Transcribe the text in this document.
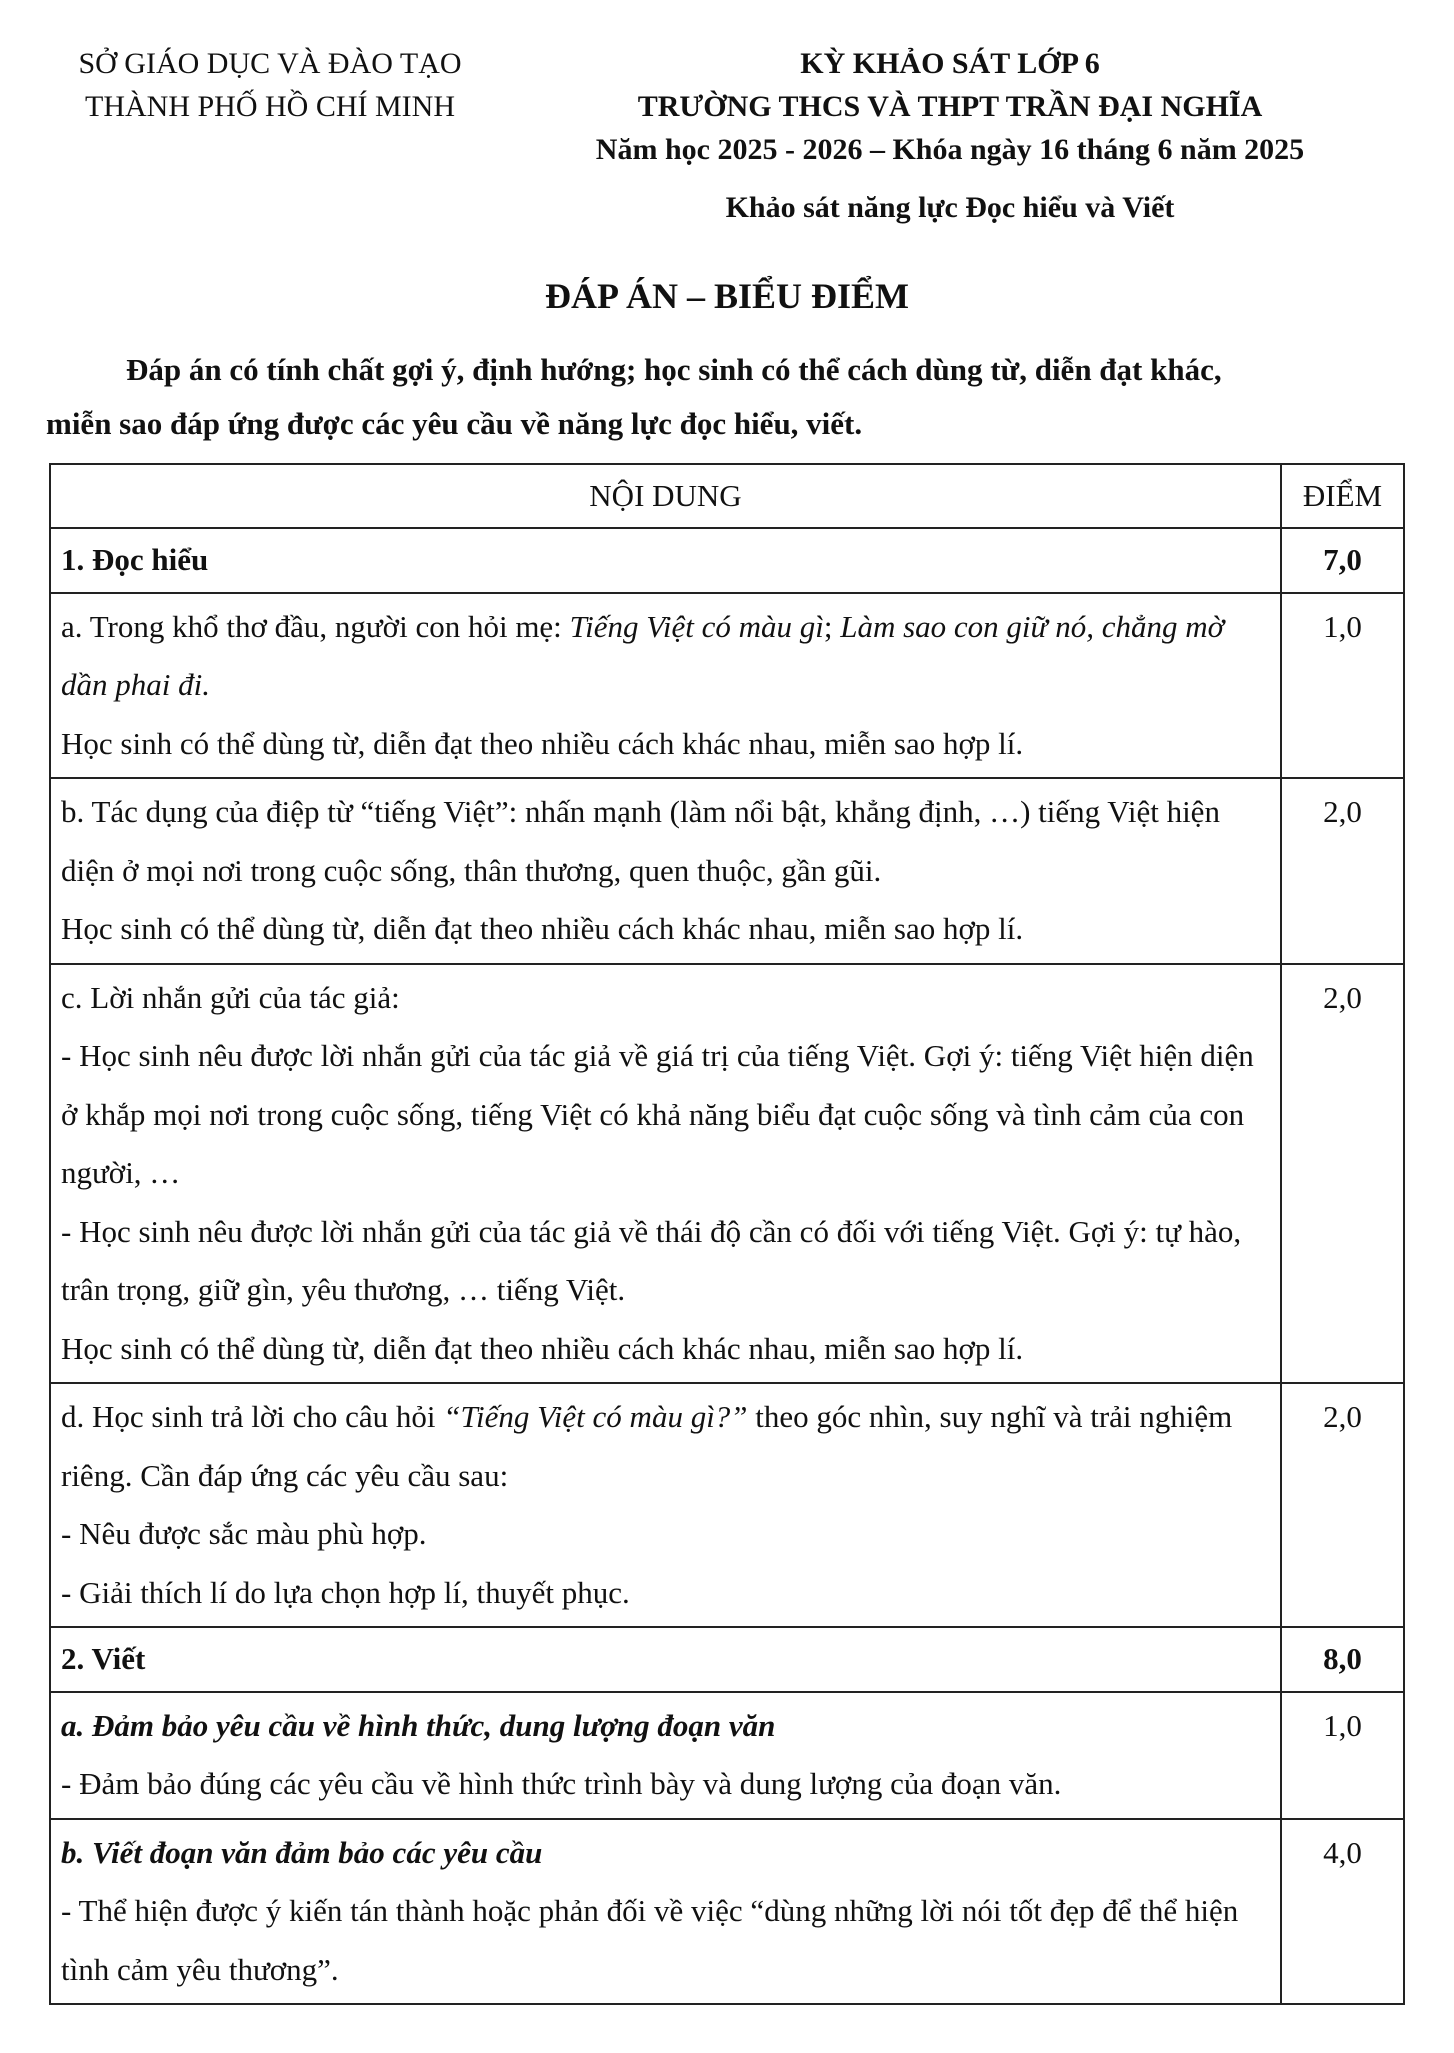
SỞ GIÁO DỤC VÀ ĐÀO TẠO
THÀNH PHỐ HỒ CHÍ MINH
KỲ KHẢO SÁT LỚP 6
TRƯỜNG THCS VÀ THPT TRẦN ĐẠI NGHĨA
Năm học 2025 - 2026 – Khóa ngày 16 tháng 6 năm 2025
Khảo sát năng lực Đọc hiểu và Viết
ĐÁP ÁN – BIỂU ĐIỂM
Đáp án có tính chất gợi ý, định hướng; học sinh có thể cách dùng từ, diễn đạt khác,
miễn sao đáp ứng được các yêu cầu về năng lực đọc hiểu, viết.
NỘI DUNG	ĐIỂM
1. Đọc hiểu	7,0
a. Trong khổ thơ đầu, người con hỏi mẹ: Tiếng Việt có màu gì; Làm sao con giữ nó, chẳng mờ dần phai đi.
Học sinh có thể dùng từ, diễn đạt theo nhiều cách khác nhau, miễn sao hợp lí.	1,0

b. Tác dụng của điệp từ “tiếng Việt”: nhấn mạnh (làm nổi bật, khẳng định, …) tiếng Việt hiện diện ở mọi nơi trong cuộc sống, thân thương, quen thuộc, gần gũi.
Học sinh có thể dùng từ, diễn đạt theo nhiều cách khác nhau, miễn sao hợp lí.	2,0

c. Lời nhắn gửi của tác giả:
- Học sinh nêu được lời nhắn gửi của tác giả về giá trị của tiếng Việt. Gợi ý: tiếng Việt hiện diện ở khắp mọi nơi trong cuộc sống, tiếng Việt có khả năng biểu đạt cuộc sống và tình cảm của con người, …
- Học sinh nêu được lời nhắn gửi của tác giả về thái độ cần có đối với tiếng Việt. Gợi ý: tự hào, trân trọng, giữ gìn, yêu thương, … tiếng Việt.
Học sinh có thể dùng từ, diễn đạt theo nhiều cách khác nhau, miễn sao hợp lí.	2,0
d. Học sinh trả lời cho câu hỏi “Tiếng Việt có màu gì?” theo góc nhìn, suy nghĩ và trải nghiệm riêng. Cần đáp ứng các yêu cầu sau:
- Nêu được sắc màu phù hợp.
- Giải thích lí do lựa chọn hợp lí, thuyết phục.	2,0
2. Viết	8,0

a. Đảm bảo yêu cầu về hình thức, dung lượng đoạn văn
- Đảm bảo đúng các yêu cầu về hình thức trình bày và dung lượng của đoạn văn.	1,0

b. Viết đoạn văn đảm bảo các yêu cầu
- Thể hiện được ý kiến tán thành hoặc phản đối về việc “dùng những lời nói tốt đẹp để thể hiện tình cảm yêu thương”.	4,0
